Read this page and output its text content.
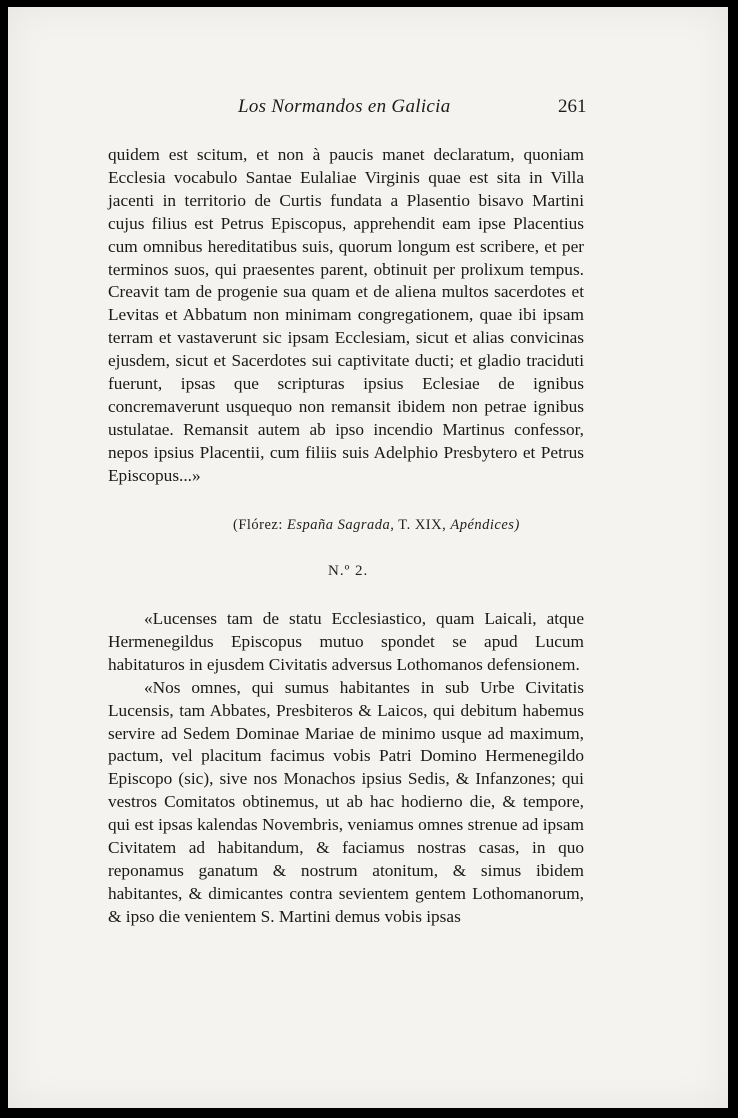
Los Normandos en Galicia	261

quidem est scitum, et non à paucis manet declaratum, quoniam Ecclesia vocabulo Santae Eulaliae Virginis quae est sita in Villa jacenti in territorio de Curtis fundata a Plasentio bisavo Martini cujus filius est Petrus Episcopus, apprehendit eam ipse Placentius cum omnibus hereditatibus suis, quorum longum est scribere, et per terminos suos, qui praesentes parent, obtinuit per prolixum tempus. Creavit tam de progenie sua quam et de aliena multos sacerdotes et Levitas et Abbatum non minimam congregationem, quae ibi ipsam terram et vastaverunt sic ipsam Ecclesiam, sicut et alias convicinas ejusdem, sicut et Sacerdotes sui captivitate ducti; et gladio traciduti fuerunt, ipsas que scripturas ipsius Eclesiae de ignibus concremaverunt usquequo non remansit ibidem non petrae ignibus ustulatae. Remansit autem ab ipso incendio Martinus confessor, nepos ipsius Placentii, cum filiis suis Adelphio Presbytero et Petrus Episcopus...»

(Flórez: España Sagrada, T. XIX, Apéndices)
N.º 2.

«Lucenses tam de statu Ecclesiastico, quam Laicali, atque Hermenegildus Episcopus mutuo spondet se apud Lucum habitaturos in ejusdem Civitatis adversus Lothomanos defensionem.

«Nos omnes, qui sumus habitantes in sub Urbe Civitatis Lucensis, tam Abbates, Presbiteros & Laicos, qui debitum habemus servire ad Sedem Dominae Mariae de minimo usque ad maximum, pactum, vel placitum facimus vobis Patri Domino Hermenegildo Episcopo (sic), sive nos Monachos ipsius Sedis, & Infanzones; qui vestros Comitatos obtinemus, ut ab hac hodierno die, & tempore, qui est ipsas kalendas Novembris, veniamus omnes strenue ad ipsam Civitatem ad habitandum, & faciamus nostras casas, in quo reponamus ganatum & nostrum atonitum, & simus ibidem habitantes, & dimicantes contra sevientem gentem Lothomanorum, & ipso die venientem S. Martini demus vobis ipsas
